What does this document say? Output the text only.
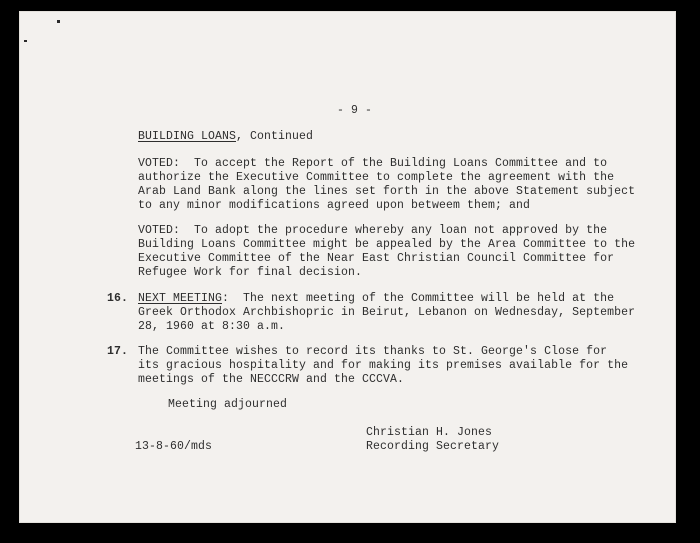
- 9 -
BUILDING LOANS, Continued
VOTED:  To accept the Report of the Building Loans Committee and to
authorize the Executive Committee to complete the agreement with the
Arab Land Bank along the lines set forth in the above Statement subject
to any minor modifications agreed upon betweem them; and
VOTED:  To adopt the procedure whereby any loan not approved by the
Building Loans Committee might be appealed by the Area Committee to the
Executive Committee of the Near East Christian Council Committee for
Refugee Work for final decision.
16. NEXT MEETING:  The next meeting of the Committee will be held at the
Greek Orthodox Archbishopric in Beirut, Lebanon on Wednesday, September
28, 1960 at 8:30 a.m.
17. The Committee wishes to record its thanks to St. George's Close for
its gracious hospitality and for making its premises available for the
meetings of the NECCCRW and the CCCVA.
Meeting adjourned
Christian H. Jones
13-8-60/mds	Recording Secretary
